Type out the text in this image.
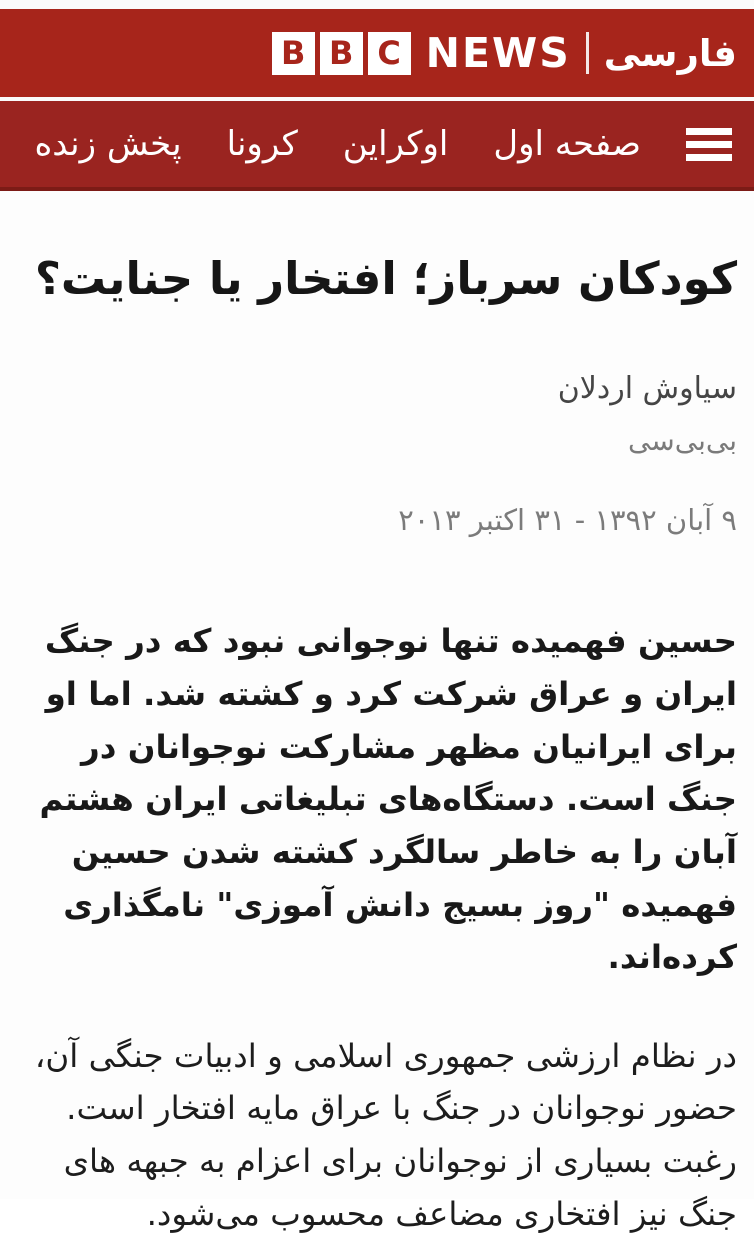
B B C NEWS فارسی
صفحه اول
اوکراین
کرونا
پخش زنده
کودکان سرباز؛ افتخار یا جنایت؟
سیاوش اردلان
بی‌بی‌سی
۹ آبان ۱۳۹۲ - ۳۱ اکتبر ۲۰۱۳

حسین فهمیده تنها نوجوانی نبود که در جنگ ایران و عراق شرکت کرد و کشته شد. اما او برای ایرانیان مظهر مشارکت نوجوانان در جنگ است. دستگاه‌های تبلیغاتی ایران هشتم آبان را به خاطر سالگرد کشته شدن حسین فهمیده "روز بسیج دانش آموزی" نامگذاری کرده‌اند.

در نظام ارزشی جمهوری اسلامی و ادبیات جنگی آن، حضور نوجوانان در جنگ با عراق مایه افتخار است. رغبت بسیاری از نوجوانان برای اعزام به جبهه های جنگ نیز افتخاری مضاعف محسوب می‌شود.
